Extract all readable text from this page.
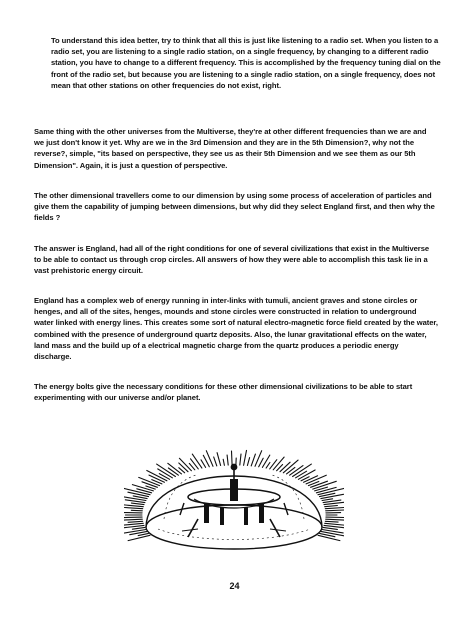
To understand this idea better, try to think that all this is just like listening to a radio set. When you listen to a radio set, you are listening to a single radio station, on a single frequency, by changing to a different radio station, you have to change to a different frequency. This is accomplished by the frequency tuning dial on the front of the radio set, but because you are listening to a single radio station, on a single frequency, does not mean that other stations on other frequencies do not exist, right.

Same thing with the other universes from the Multiverse, they're at other different frequencies than we are and we just don't know it yet. Why are we in the 3rd Dimension and they are in the 5th Dimension?, why not the reverse?, simple, "its based on perspective, they see us as their 5th Dimension and we see them as our 5th Dimension". Again, it is just a question of perspective.

The other dimensional travellers come to our dimension by using some process of acceleration of particles and give them the capability of jumping between dimensions, but why did they select England first, and then why the fields ?

The answer is England, had all of the right conditions for one of several civilizations that exist in the Multiverse to be able to contact us through crop circles. All answers of how they were able to accomplish this task lie in a vast prehistoric energy circuit.

England has a complex web of energy running in inter-links with tumuli, ancient graves and stone circles or henges, and all of the sites, henges, mounds and stone circles were constructed in relation to underground water linked with energy lines. This creates some sort of natural electro-magnetic force field created by the water, combined with the presence of underground quartz deposits. Also, the lunar gravitational effects on the water, land mass and the build up of a electrical magnetic charge from the quartz produces a periodic energy discharge.

The energy bolts give the necessary conditions for these other dimensional civilizations to be able to start experimenting with our universe and/or planet.

24
